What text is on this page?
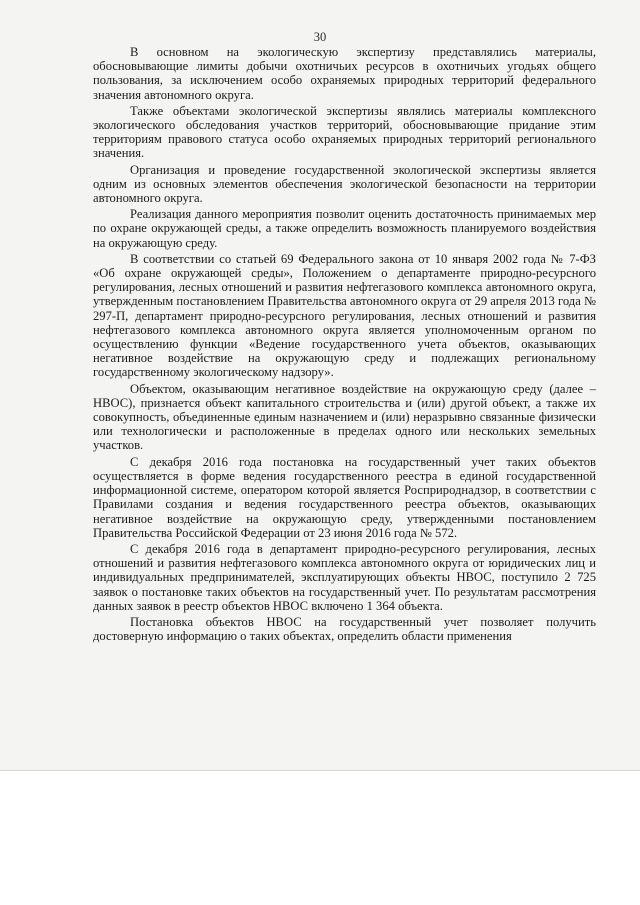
30

В основном на экологическую экспертизу представлялись материалы, обосновывающие лимиты добычи охотничьих ресурсов в охотничьих угодьях общего пользования, за исключением особо охраняемых природных территорий федерального значения автономного округа.

Также объектами экологической экспертизы являлись материалы комплексного экологического обследования участков территорий, обосновывающие придание этим территориям правового статуса особо охраняемых природных территорий регионального значения.

Организация и проведение государственной экологической экспертизы является одним из основных элементов обеспечения экологической безопасности на территории автономного округа.

Реализация данного мероприятия позволит оценить достаточность принимаемых мер по охране окружающей среды, а также определить возможность планируемого воздействия на окружающую среду.

В соответствии со статьей 69 Федерального закона от 10 января 2002 года № 7-ФЗ «Об охране окружающей среды», Положением о департаменте природно-ресурсного регулирования, лесных отношений и развития нефтегазового комплекса автономного округа, утвержденным постановлением Правительства автономного округа от 29 апреля 2013 года № 297-П, департамент природно-ресурсного регулирования, лесных отношений и развития нефтегазового комплекса автономного округа является уполномоченным органом по осуществлению функции «Ведение государственного учета объектов, оказывающих негативное воздействие на окружающую среду и подлежащих региональному государственному экологическому надзору».

Объектом, оказывающим негативное воздействие на окружающую среду (далее – НВОС), признается объект капитального строительства и (или) другой объект, а также их совокупность, объединенные единым назначением и (или) неразрывно связанные физически или технологически и расположенные в пределах одного или нескольких земельных участков.

С декабря 2016 года постановка на государственный учет таких объектов осуществляется в форме ведения государственного реестра в единой государственной информационной системе, оператором которой является Росприроднадзор, в соответствии с Правилами создания и ведения государственного реестра объектов, оказывающих негативное воздействие на окружающую среду, утвержденными постановлением Правительства Российской Федерации от 23 июня 2016 года № 572.

С декабря 2016 года в департамент природно-ресурсного регулирования, лесных отношений и развития нефтегазового комплекса автономного округа от юридических лиц и индивидуальных предпринимателей, эксплуатирующих объекты НВОС, поступило 2 725 заявок о постановке таких объектов на государственный учет. По результатам рассмотрения данных заявок в реестр объектов НВОС включено 1 364 объекта.

Постановка объектов НВОС на государственный учет позволяет получить достоверную информацию о таких объектах, определить области применения
